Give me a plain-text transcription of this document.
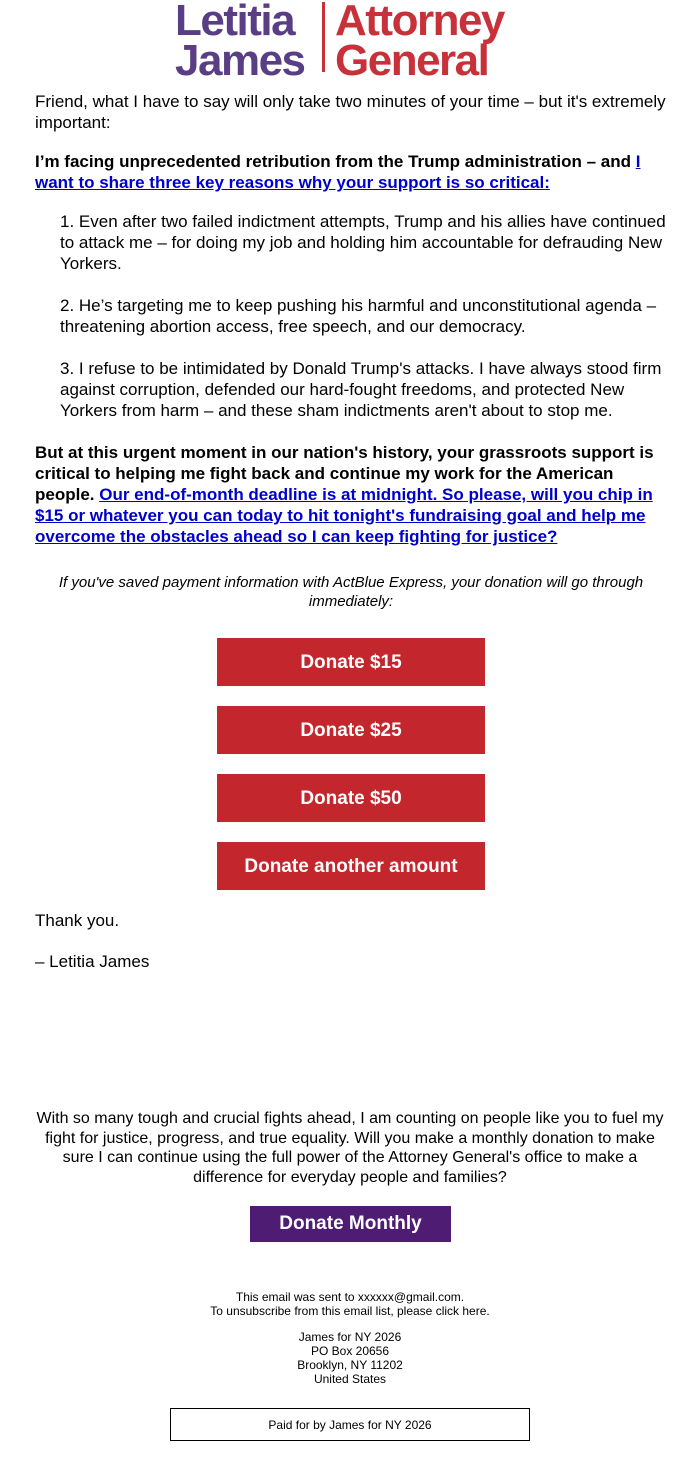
Letitia
James
Attorney
General

Friend, what I have to say will only take two minutes of your time – but it's extremely important:

I’m facing unprecedented retribution from the Trump administration – and I want to share three key reasons why your support is so critical:

1. Even after two failed indictment attempts, Trump and his allies have continued to attack me – for doing my job and holding him accountable for defrauding New Yorkers.
2. He’s targeting me to keep pushing his harmful and unconstitutional agenda – threatening abortion access, free speech, and our democracy.
3. I refuse to be intimidated by Donald Trump's attacks. I have always stood firm against corruption, defended our hard-fought freedoms, and protected New Yorkers from harm – and these sham indictments aren't about to stop me.

But at this urgent moment in our nation's history, your grassroots support is critical to helping me fight back and continue my work for the American people. Our end-of-month deadline is at midnight. So please, will you chip in $15 or whatever you can today to hit tonight's fundraising goal and help me overcome the obstacles ahead so I can keep fighting for justice?

If you've saved payment information with ActBlue Express, your donation will go through immediately:

Donate $15
Donate $25
Donate $50
Donate another amount

Thank you.

– Letitia James

With so many tough and crucial fights ahead, I am counting on people like you to fuel my fight for justice, progress, and true equality. Will you make a monthly donation to make sure I can continue using the full power of the Attorney General's office to make a difference for everyday people and families?

Donate Monthly
This email was sent to xxxxxx@gmail.com.
To unsubscribe from this email list, please click here.
James for NY 2026
PO Box 20656
Brooklyn, NY 11202
United States
Paid for by James for NY 2026
